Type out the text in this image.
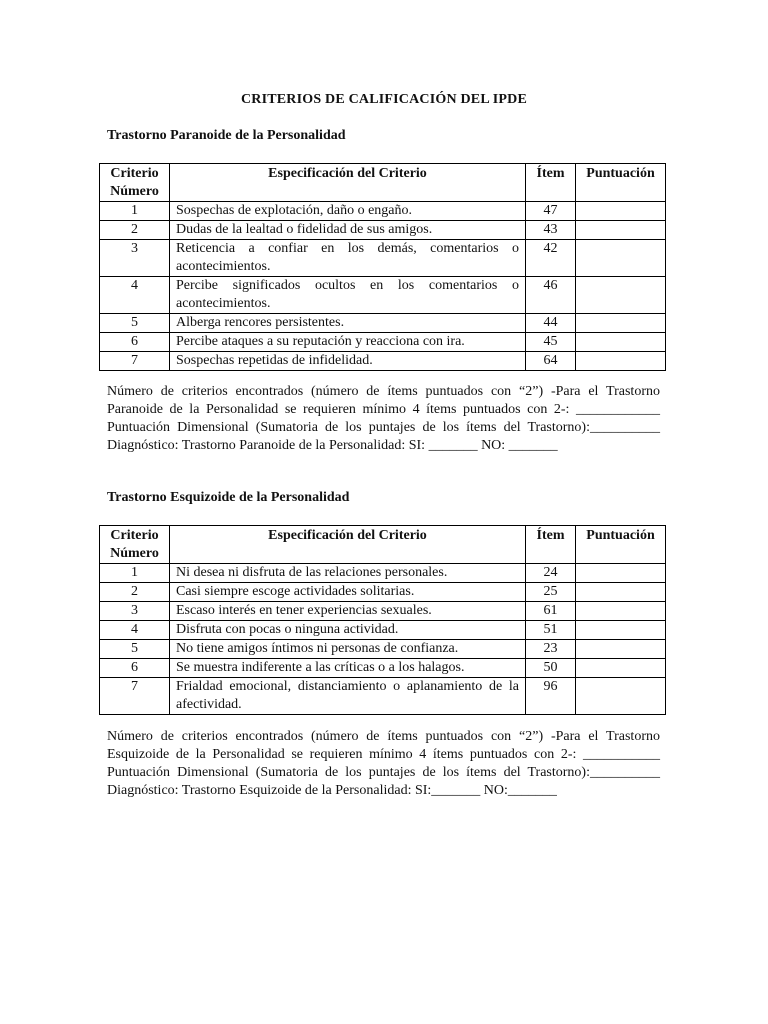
CRITERIOS DE CALIFICACIÓN DEL IPDE
Trastorno Paranoide de la Personalidad
Criterio
Número	Especificación del Criterio	Ítem	Puntuación
1	Sospechas de explotación, daño o engaño.	47	
2	Dudas de la lealtad o fidelidad de sus amigos.	43	
3	Reticencia a confiar en los demás, comentarios o acontecimientos.	42	
4	Percibe significados ocultos en los comentarios o acontecimientos.	46	
5	Alberga rencores persistentes.	44	
6	Percibe ataques a su reputación y reacciona con ira.	45	
7	Sospechas repetidas de infidelidad.	64	

Número de criterios encontrados (número de ítems puntuados con “2”) -Para el Trastorno

Paranoide de la Personalidad se requieren mínimo 4 ítems puntuados con 2-: ____________

Puntuación Dimensional (Sumatoria de los puntajes de los ítems del Trastorno):__________

Diagnóstico: Trastorno Paranoide de la Personalidad: SI: _______ NO: _______

Trastorno Esquizoide de la Personalidad
Criterio
Número	Especificación del Criterio	Ítem	Puntuación
1	Ni desea ni disfruta de las relaciones personales.	24	
2	Casi siempre escoge actividades solitarias.	25	
3	Escaso interés en tener experiencias sexuales.	61	
4	Disfruta con pocas o ninguna actividad.	51	
5	No tiene amigos íntimos ni personas de confianza.	23	
6	Se muestra indiferente a las críticas o a los halagos.	50	
7	Frialdad emocional, distanciamiento o aplanamiento de la afectividad.	96	

Número de criterios encontrados (número de ítems puntuados con “2”) -Para el Trastorno

Esquizoide de la Personalidad se requieren mínimo 4 ítems puntuados con 2-: ___________

Puntuación Dimensional (Sumatoria de los puntajes de los ítems del Trastorno):__________

Diagnóstico: Trastorno Esquizoide de la Personalidad: SI:_______ NO:_______
